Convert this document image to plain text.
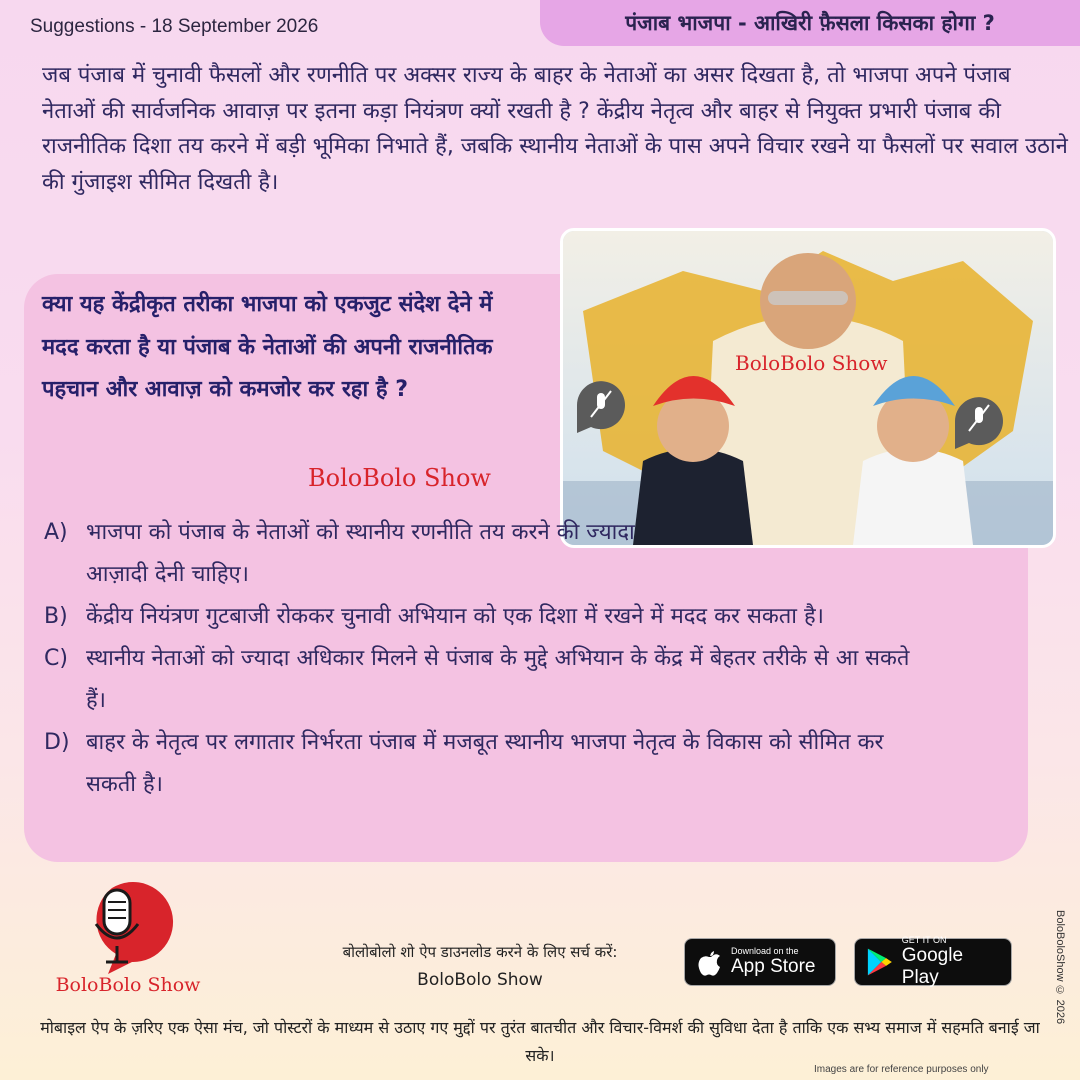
Suggestions - 18 September 2026	पंजाब भाजपा - आखिरी फ़ैसला किसका होगा ?
जब पंजाब में चुनावी फैसलों और रणनीति पर अक्सर राज्य के बाहर के नेताओं का असर दिखता है, तो भाजपा अपने पंजाब नेताओं की सार्वजनिक आवाज़ पर इतना कड़ा नियंत्रण क्यों रखती है ? केंद्रीय नेतृत्व और बाहर से नियुक्त प्रभारी पंजाब की राजनीतिक दिशा तय करने में बड़ी भूमिका निभाते हैं, जबकि स्थानीय नेताओं के पास अपने विचार रखने या फैसलों पर सवाल उठाने की गुंजाइश सीमित दिखती है।
BoloBolo Show
क्या यह केंद्रीकृत तरीका भाजपा को एकजुट संदेश देने में मदद करता है या पंजाब के नेताओं की अपनी राजनीतिक पहचान और आवाज़ को कमजोर कर रहा है ?
BoloBolo Show
A) भाजपा को पंजाब के नेताओं को स्थानीय रणनीति तय करने की ज्यादा आज़ादी देनी चाहिए।
B) केंद्रीय नियंत्रण गुटबाजी रोककर चुनावी अभियान को एक दिशा में रखने में मदद कर सकता है।
C) स्थानीय नेताओं को ज्यादा अधिकार मिलने से पंजाब के मुद्दे अभियान के केंद्र में बेहतर तरीके से आ सकते हैं।
D) बाहर के नेतृत्व पर लगातार निर्भरता पंजाब में मजबूत स्थानीय भाजपा नेतृत्व के विकास को सीमित कर सकती है।
BoloBolo Show
बोलोबोलो शो ऐप डाउनलोड करने के लिए सर्च करें:
BoloBolo Show
Download on the
App Store
GET IT ON
Google Play
मोबाइल ऐप के ज़रिए एक ऐसा मंच, जो पोस्टरों के माध्यम से उठाए गए मुद्दों पर तुरंत बातचीत और विचार-विमर्श की सुविधा देता है ताकि एक सभ्य समाज में सहमति बनाई जा सके।
BoloBoloShow © 2026
Images are for reference purposes only
